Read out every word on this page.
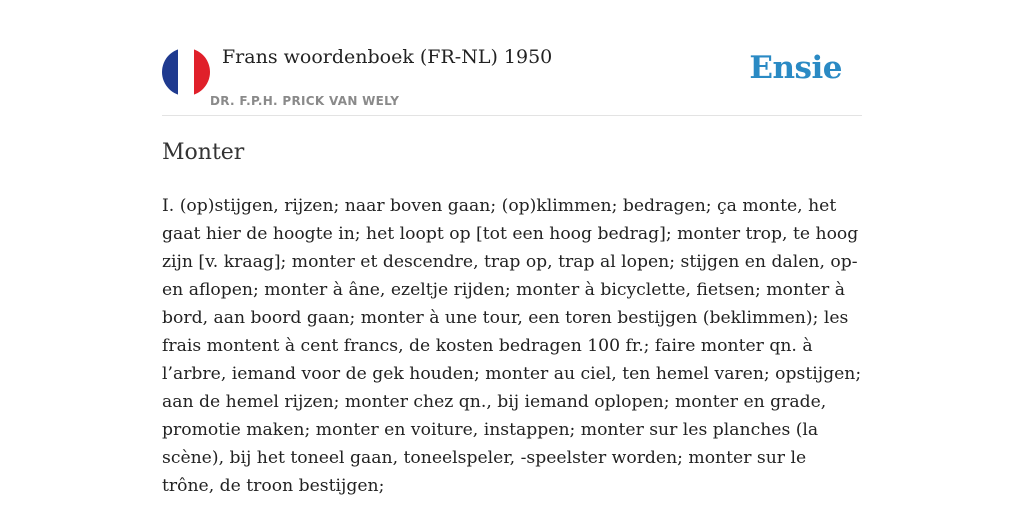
Frans woordenboek (FR-NL) 1950
DR. F.P.H. PRICK VAN WELY
Ensie
Monter

I. (op)stijgen, rijzen; naar boven gaan; (op)klimmen; bedragen; ça monte, het gaat hier de hoogte in; het loopt op [tot een hoog bedrag]; monter trop, te hoog zijn [v. kraag]; monter et descendre, trap op, trap al lopen; stijgen en dalen, op- en aflopen; monter à âne, ezeltje rijden; monter à bicyclette, fietsen; monter à bord, aan boord gaan; monter à une tour, een toren bestijgen (beklimmen); les frais montent à cent francs, de kosten bedragen 100 fr.; faire monter qn. à l’arbre, iemand voor de gek houden; monter au ciel, ten hemel varen; opstijgen; aan de hemel rijzen; monter chez qn., bij iemand oplopen; monter en grade, promotie maken; monter en voiture, instappen; monter sur les planches (la scène), bij het toneel gaan, toneelspeler, -speelster worden; monter sur le trône, de troon bestijgen;
